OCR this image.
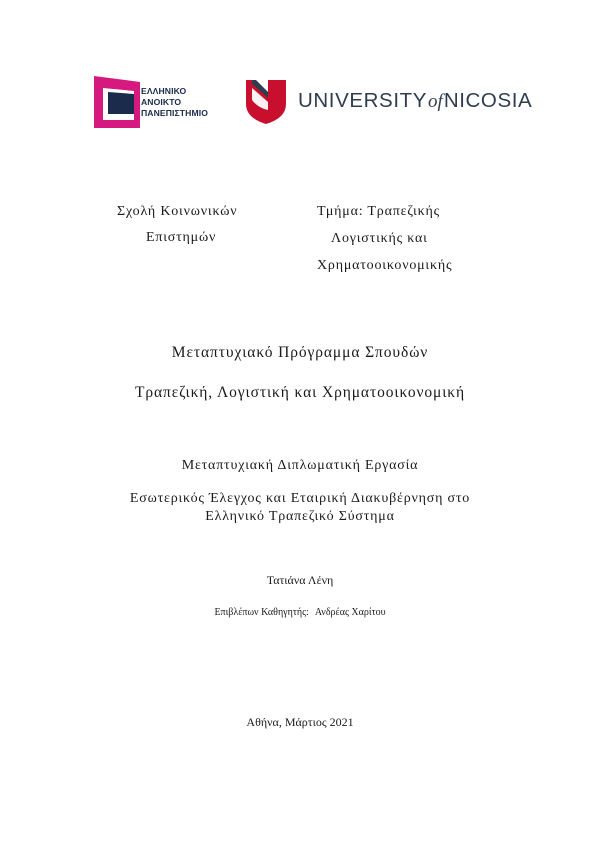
ΕΛΛΗΝΙΚΟ
ΑΝΟΙΚΤΟ
ΠΑΝΕΠΙΣΤΗΜΙΟ
UNIVERSITYofNICOSIA
Σχολή Κοινωνικών
Επιστημών
Τμήμα: Τραπεζικής
Λογιστικής και
Χρηματοοικονομικής
Μεταπτυχιακό Πρόγραμμα Σπουδών
Τραπεζική, Λογιστική και Χρηματοοικονομική
Μεταπτυχιακή Διπλωματική Εργασία
Εσωτερικός Έλεγχος και Εταιρική Διακυβέρνηση στο
Ελληνικό Τραπεζικό Σύστημα
Τατιάνα Λένη
Επιβλέπων Καθηγητής: Ανδρέας Χαρίτου
Αθήνα, Μάρτιος 2021
